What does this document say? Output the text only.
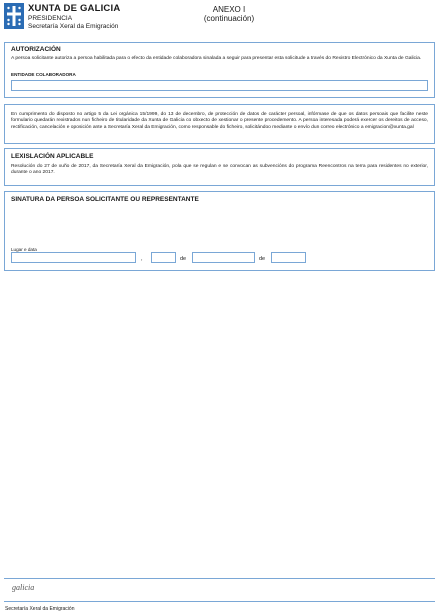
XUNTA DE GALICIA
PRESIDENCIA
Secretaría Xeral da Emigración
ANEXO I
(continuación)
AUTORIZACIÓN
A persoa solicitante autoriza a persoa habilitada para o efecto da entidade colaboradora sinalada a seguir para presentar esta solicitude a través do Rexistro Electrónico da Xunta de Galicia.
ENTIDADE COLABORADORA
En cumprimento do disposto no artigo 5 da Lei orgánica 15/1999, do 13 de decembro, de protección de datos de carácter persoal, infórmase de que os datos persoais que facilite neste formulario quedarán rexistrados nun ficheiro de titularidade da Xunta de Galicia co obxecto de xestionar o presente procedemento. A persoa interesada poderá exercer os dereitos de acceso, rectificación, cancelación e oposición ante a Secretaría Xeral da Emigración, como responsable do ficheiro, solicitándoo mediante o envío dun correo electrónico a emigracion@xunta.gal
LEXISLACIÓN APLICABLE
Resolución do 27 de xuño de 2017, da Secretaría Xeral da Emigración, pola que se regulan e se convocan as subvencións do programa Reencontros na terra para residentes no exterior, durante o ano 2017.
SINATURA DA PERSOA SOLICITANTE OU REPRESENTANTE
Lugar e data
,	de	de
galicia
Secretaría Xeral da Emigración
